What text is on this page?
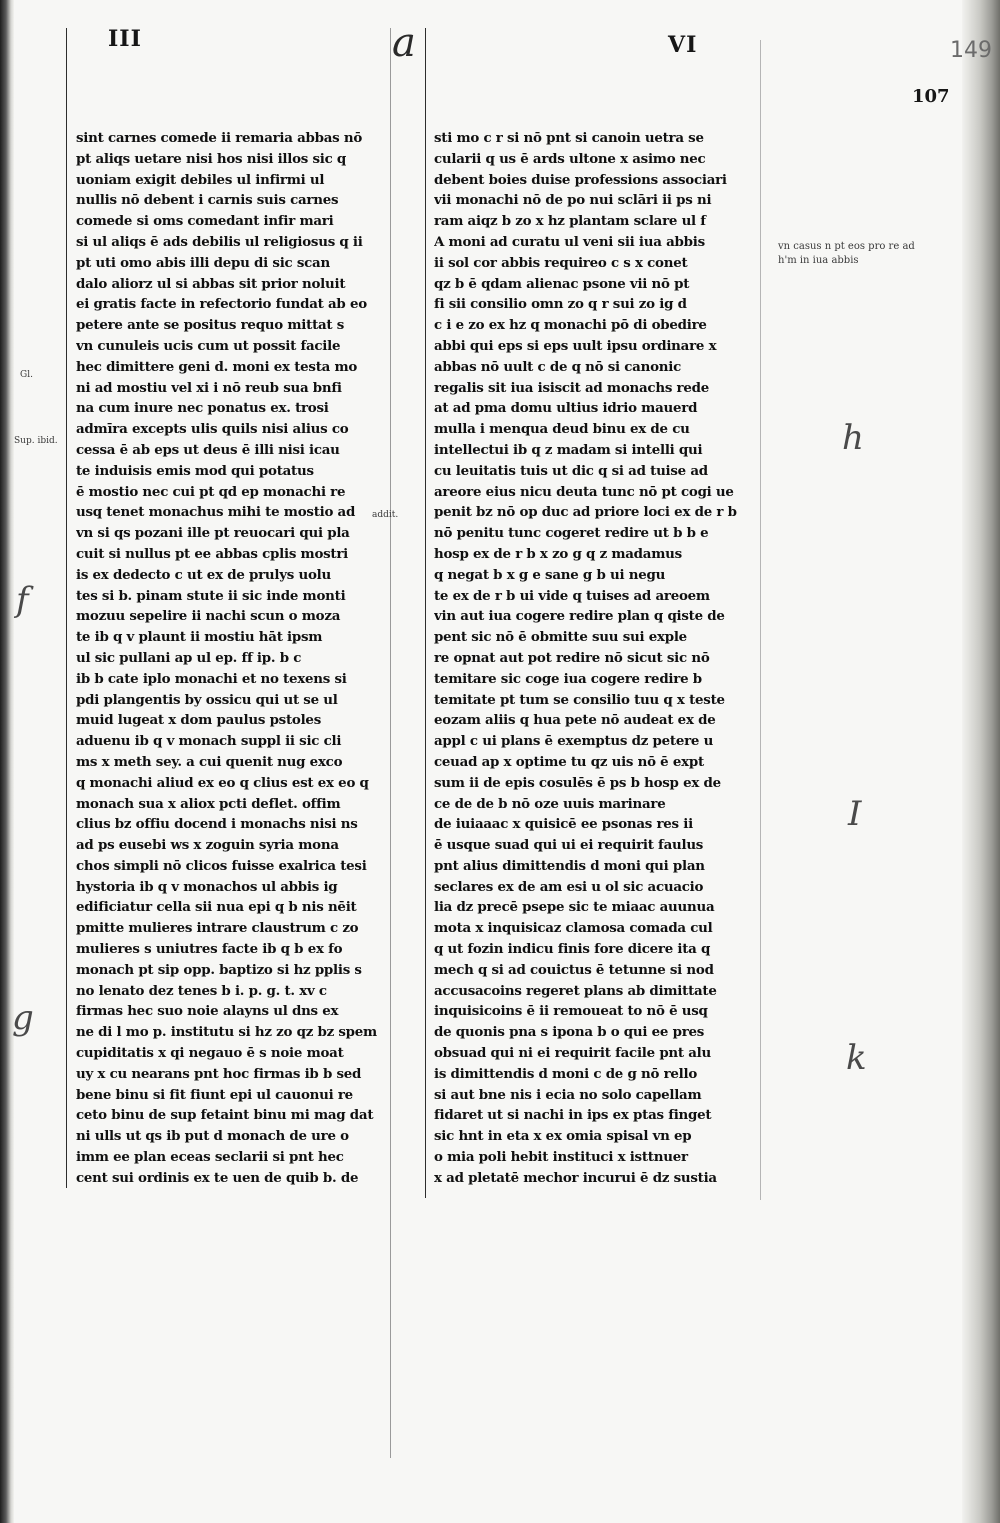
III	a	VI	149
107
Gl.
Sup. ibid.
f
g
addit.
vn casus n pt eos pro re ad
h'm in iua abbis
h
I
k
sint carnes comede ii remaria abbas nō
pt aliqs uetare nisi hos nisi illos sic q
uoniam exigit debiles ul infirmi ul
nullis nō debent i carnis suis carnes
comede si oms comedant infir mari
si ul aliqs ē ads debilis ul religiosus q ii
pt uti omo abis illi depu di sic scan
dalo aliorz ul si abbas sit prior noluit
ei gratis facte in refectorio fundat ab eo
petere ante se positus requo mittat s
vn cunuleis ucis cum ut possit facile
hec dimittere geni d. moni ex testa mo
ni ad mostiu vel xi i nō reub sua bnfi
na cum inure nec ponatus ex. trosi
admīra excepts ulis quils nisi alius co
cessa ē ab eps ut deus ē illi nisi icau
te induisis emis mod qui potatus
ē mostio nec cui pt qd ep monachi re
usq tenet monachus mihi te mostio ad
vn si qs pozani ille pt reuocari qui pla
cuit si nullus pt ee abbas cplis mostri
is ex dedecto c ut ex de prulys uolu
tes si b. pinam stute ii sic inde monti
mozuu sepelire ii nachi scun o moza
te ib q v plaunt ii mostiu hāt ipsm
ul sic pullani ap ul ep. ff ip. b c
ib b cate iplo monachi et no texens si
pdi plangentis by ossicu qui ut se ul
muid lugeat x dom paulus pstoles
aduenu ib q v monach suppl ii sic cli
ms x meth sey. a cui quenit nug exco
q monachi aliud ex eo q clius est ex eo q
monach sua x aliox pcti deflet. offim
clius bz offiu docend i monachs nisi ns
ad ps eusebi ws x zoguin syria mona
chos simpli nō clicos fuisse exalrica tesi
hystoria ib q v monachos ul abbis ig
edificiatur cella sii nua epi q b nis nēit
pmitte mulieres intrare claustrum c zo
mulieres s uniutres facte ib q b ex fo
monach pt sip opp. baptizo si hz pplis s
no lenato dez tenes b i. p. g. t. xv c
firmas hec suo noie alayns ul dns ex
ne di l mo p. institutu si hz zo qz bz spem
cupiditatis x qi negauo ē s noie moat
uy x cu nearans pnt hoc firmas ib b sed
bene binu si fit fiunt epi ul cauonui re
ceto binu de sup fetaint binu mi mag dat
ni ulls ut qs ib put d monach de ure o
imm ee plan eceas seclarii si pnt hec
cent sui ordinis ex te uen de quib b. de
sti mo c r si nō pnt si canoin uetra se
cularii q us ē ards ultone x asimo nec
debent boies duise professions associari
vii monachi nō de po nui sclāri ii ps ni
ram aiqz b zo x hz plantam sclare ul f
A moni ad curatu ul veni sii iua abbis
ii sol cor abbis requireo c s x conet
qz b ē qdam alienac psone vii nō pt
fi sii consilio omn zo q r sui zo ig d
c i e zo ex hz q monachi pō di obedire
abbi qui eps si eps uult ipsu ordinare x
abbas nō uult c de q nō si canonic
regalis sit iua isiscit ad monachs rede
at ad pma domu ultius idrio mauerd
mulla i menqua deud binu ex de cu
intellectui ib q z madam si intelli qui
cu leuitatis tuis ut dic q si ad tuise ad
areore eius nicu deuta tunc nō pt cogi ue
penit bz nō op duc ad priore loci ex de r b
nō penitu tunc cogeret redire ut b b e
hosp ex de r b x zo g q z madamus
q negat b x g e sane g b ui negu
te ex de r b ui vide q tuises ad areoem
vin aut iua cogere redire plan q qiste de
pent sic nō ē obmitte suu sui exple
re opnat aut pot redire nō sicut sic nō
temitare sic coge iua cogere redire b
temitate pt tum se consilio tuu q x teste
eozam aliis q hua pete nō audeat ex de
appl c ui plans ē exemptus dz petere u
ceuad ap x optime tu qz uis nō ē expt
sum ii de epis cosulēs ē ps b hosp ex de
ce de de b nō oze uuis marinare
de iuiaaac x quisicē ee psonas res ii
ē usque suad qui ui ei requirit faulus
pnt alius dimittendis d moni qui plan
seclares ex de am esi u ol sic acuacio
lia dz precē psepe sic te miaac auunua
mota x inquisicaz clamosa comada cul
q ut fozin indicu finis fore dicere ita q
mech q si ad couictus ē tetunne si nod
accusacoins regeret plans ab dimittate
inquisicoins ē ii remoueat to nō ē usq
de quonis pna s ipona b o qui ee pres
obsuad qui ni ei requirit facile pnt alu
is dimittendis d moni c de g nō rello
si aut bne nis i ecia no solo capellam
fidaret ut si nachi in ips ex ptas finget
sic hnt in eta x ex omia spisal vn ep
o mia poli hebit instituci x isttnuer
x ad pletatē mechor incurui ē dz sustia
